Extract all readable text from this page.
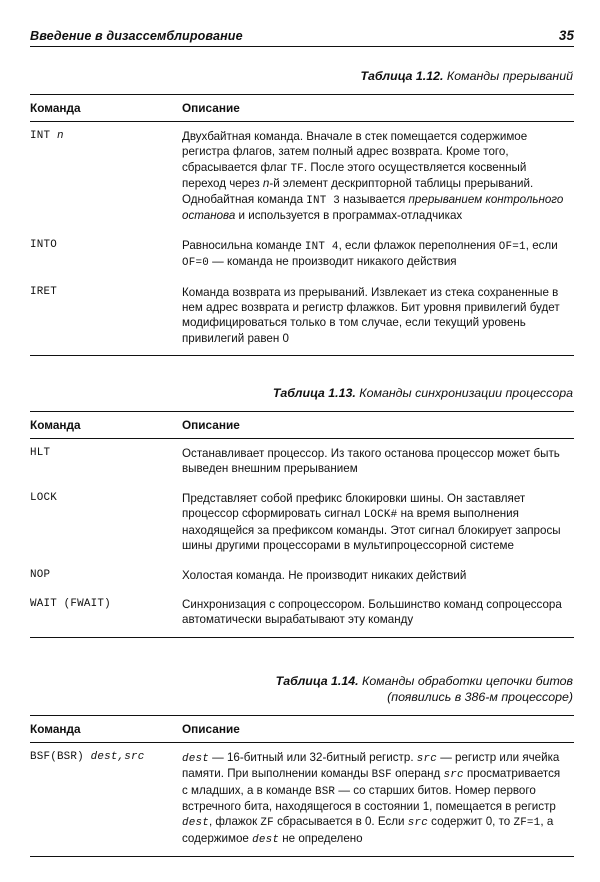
Введение в дизассемблирование	35
Таблица 1.12. Команды прерываний
Команда	Описание
INT n	Двухбайтная команда. Вначале в стек помещается содержимое регистра флагов, затем полный адрес возврата. Кроме того, сбрасывается флаг TF. После этого осуществляется косвенный переход через n-й элемент дескрипторной таблицы прерываний. Однобайтная команда INT 3 называется прерыванием контрольного останова и используется в программах-отладчиках
INTO	Равносильна команде INT 4, если флажок переполнения OF=1, если OF=0 — команда не производит никакого действия
IRET	Команда возврата из прерываний. Извлекает из стека сохраненные в нем адрес возврата и регистр флажков. Бит уровня привилегий будет модифицироваться только в том случае, если текущий уровень привилегий равен 0
Таблица 1.13. Команды синхронизации процессора
Команда	Описание
HLT	Останавливает процессор. Из такого останова процессор может быть выведен внешним прерыванием
LOCK	Представляет собой префикс блокировки шины. Он заставляет процессор сформировать сигнал LOCK# на время выполнения находящейся за префиксом команды. Этот сигнал блокирует запросы шины другими процессорами в мультипроцессорной системе
NOP	Холостая команда. Не производит никаких действий
WAIT (FWAIT)	Синхронизация с сопроцессором. Большинство команд сопроцессора автоматически вырабатывают эту команду
Таблица 1.14. Команды обработки цепочки битов
(появились в 386-м процессоре)
Команда	Описание
BSF(BSR) dest,src	dest — 16-битный или 32-битный регистр. src — регистр или ячейка памяти. При выполнении команды BSF операнд src просматривается с младших, а в команде BSR — со старших битов. Номер первого встречного бита, находящегося в состоянии 1, помещается в регистр dest, флажок ZF сбрасывается в 0. Если src содержит 0, то ZF=1, а содержимое dest не определено
